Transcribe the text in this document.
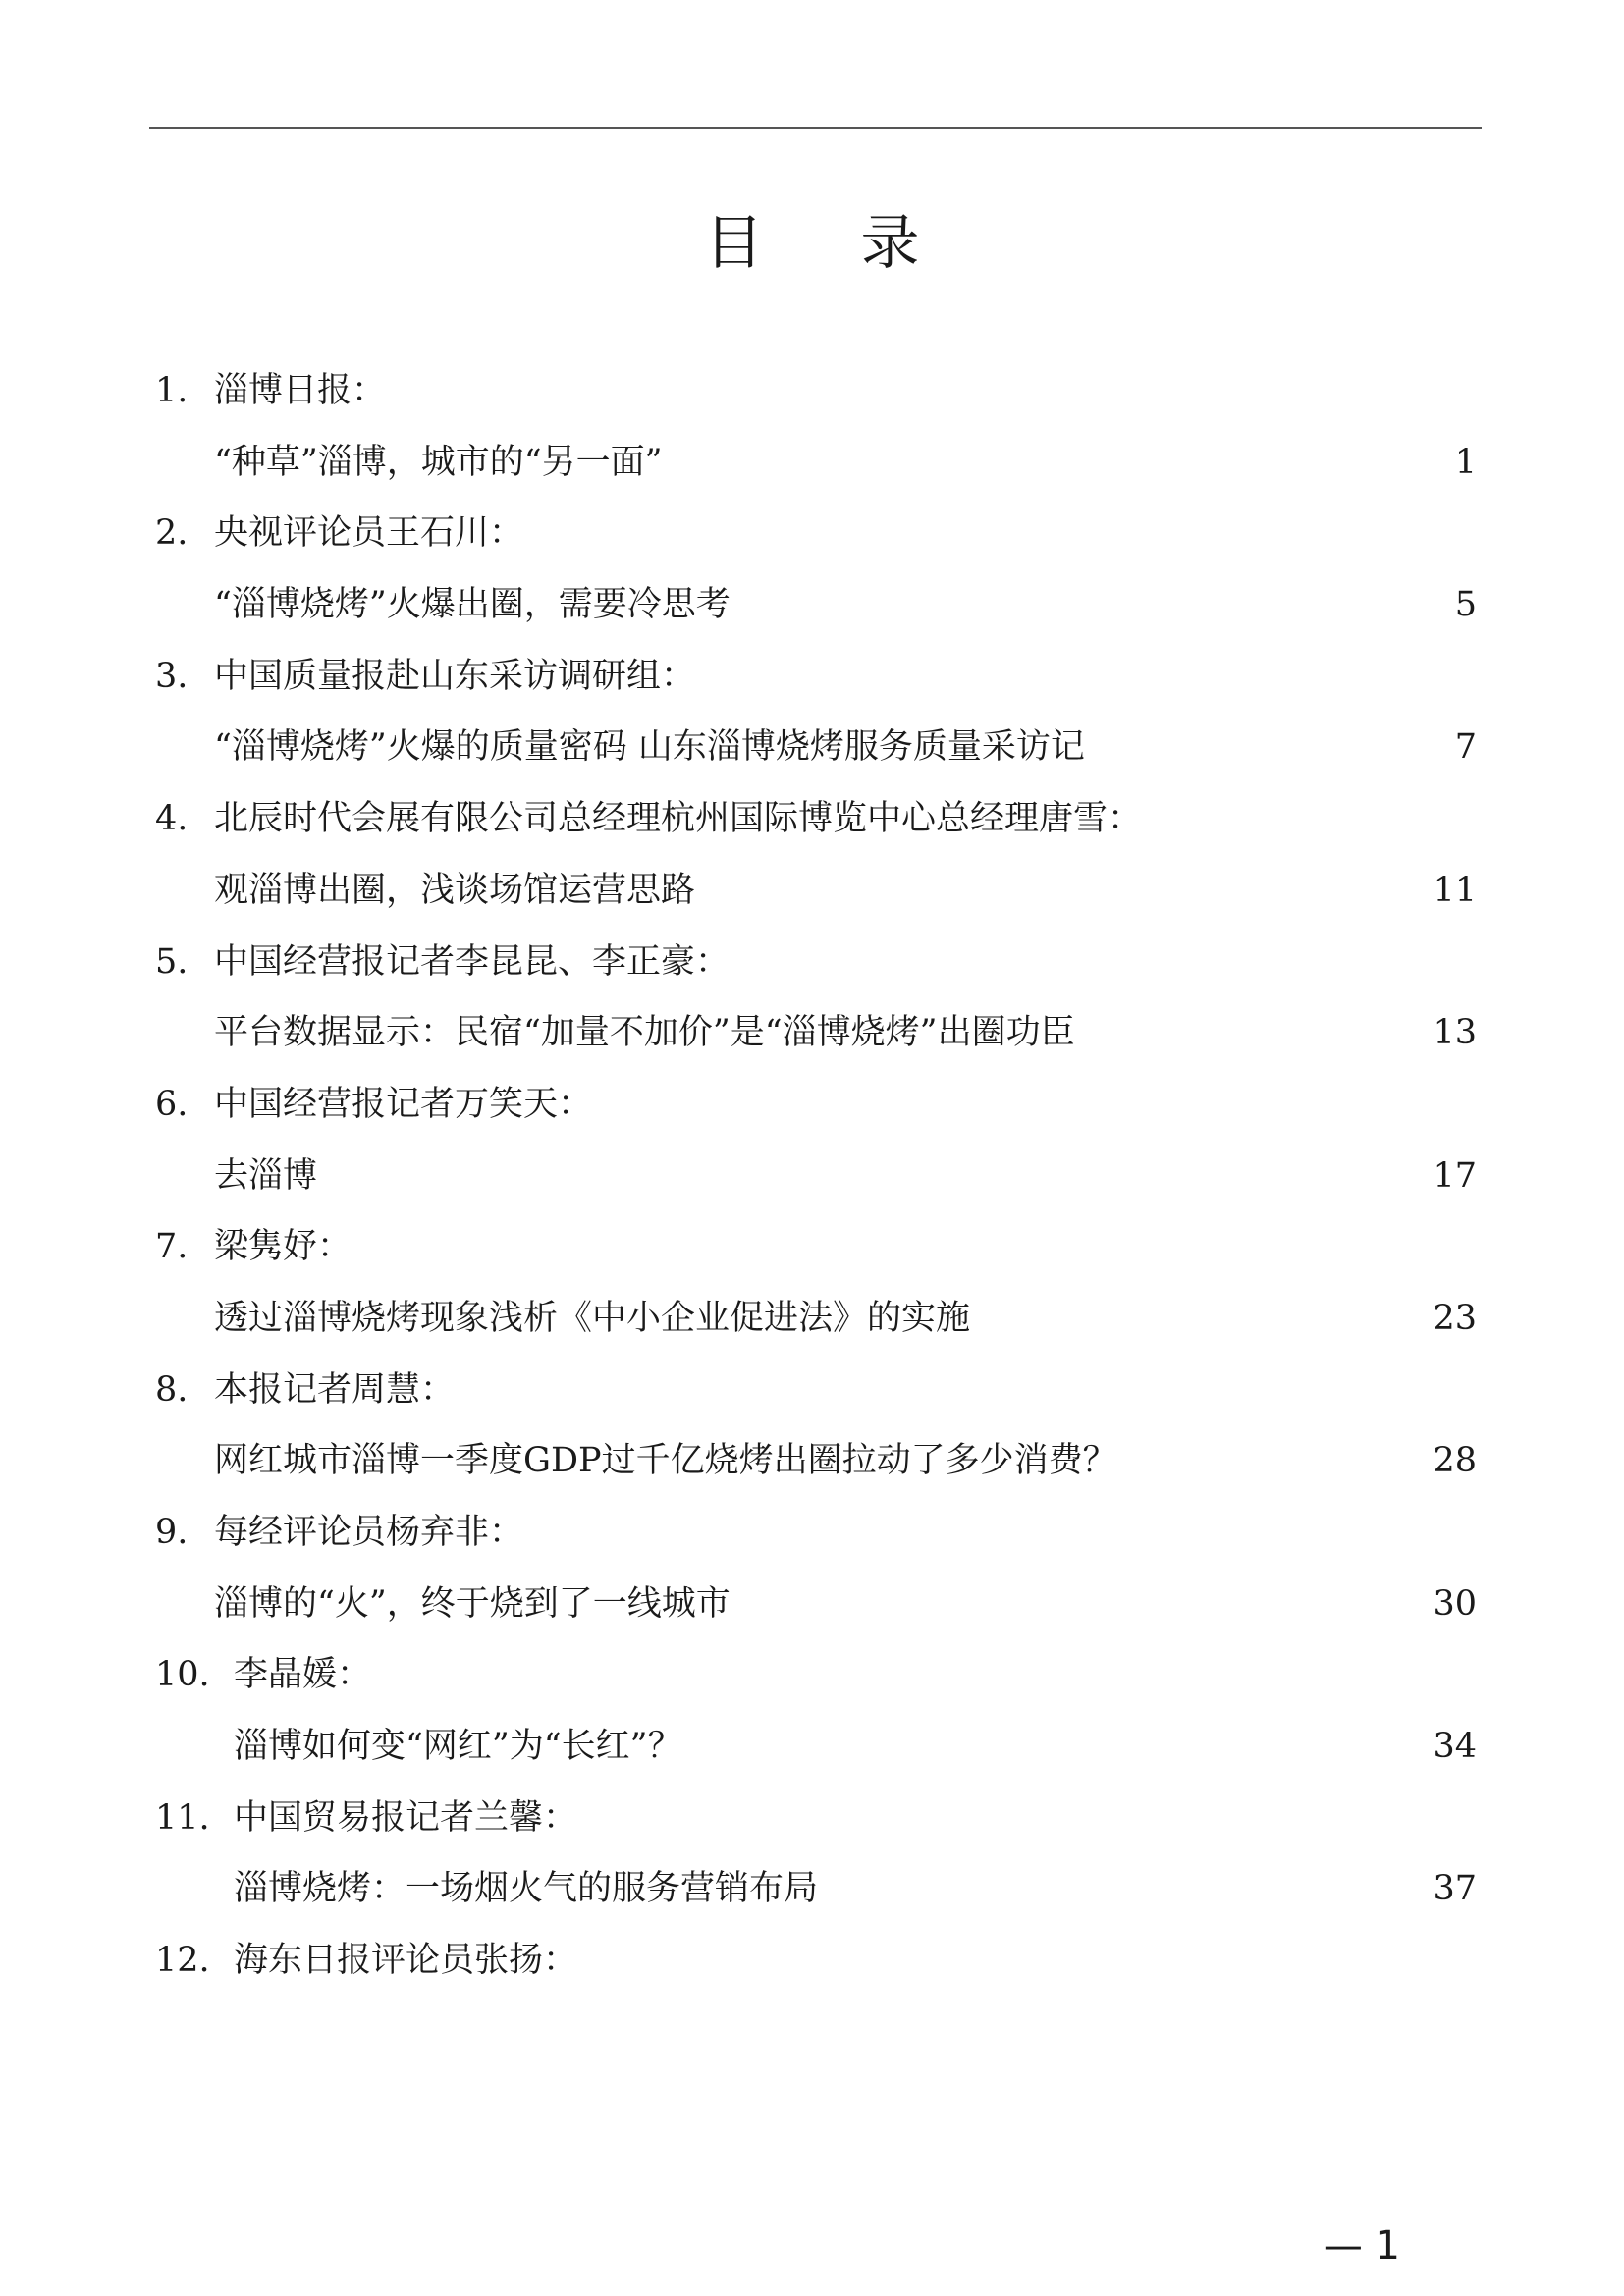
目 录
1. 淄博日报：
“种草”淄博，城市的“另一面”	1
2. 央视评论员王石川：
“淄博烧烤”火爆出圈，需要冷思考	5
3. 中国质量报赴山东采访调研组：
“淄博烧烤”火爆的质量密码 山东淄博烧烤服务质量采访记	7
4. 北辰时代会展有限公司总经理杭州国际博览中心总经理唐雪：
观淄博出圈，浅谈场馆运营思路	11
5. 中国经营报记者李昆昆、李正豪：
平台数据显示：民宿“加量不加价”是“淄博烧烤”出圈功臣	13
6. 中国经营报记者万笑天：
去淄博	17
7. 梁隽妤：
透过淄博烧烤现象浅析《中小企业促进法》的实施	23
8. 本报记者周慧：
网红城市淄博一季度GDP过千亿烧烤出圈拉动了多少消费？	28
9. 每经评论员杨弃非：
淄博的“火”，终于烧到了一线城市	30
10. 李晶媛：
淄博如何变“网红”为“长红”？	34
11. 中国贸易报记者兰馨：
淄博烧烤：一场烟火气的服务营销布局	37
12. 海东日报评论员张扬：
— 1
